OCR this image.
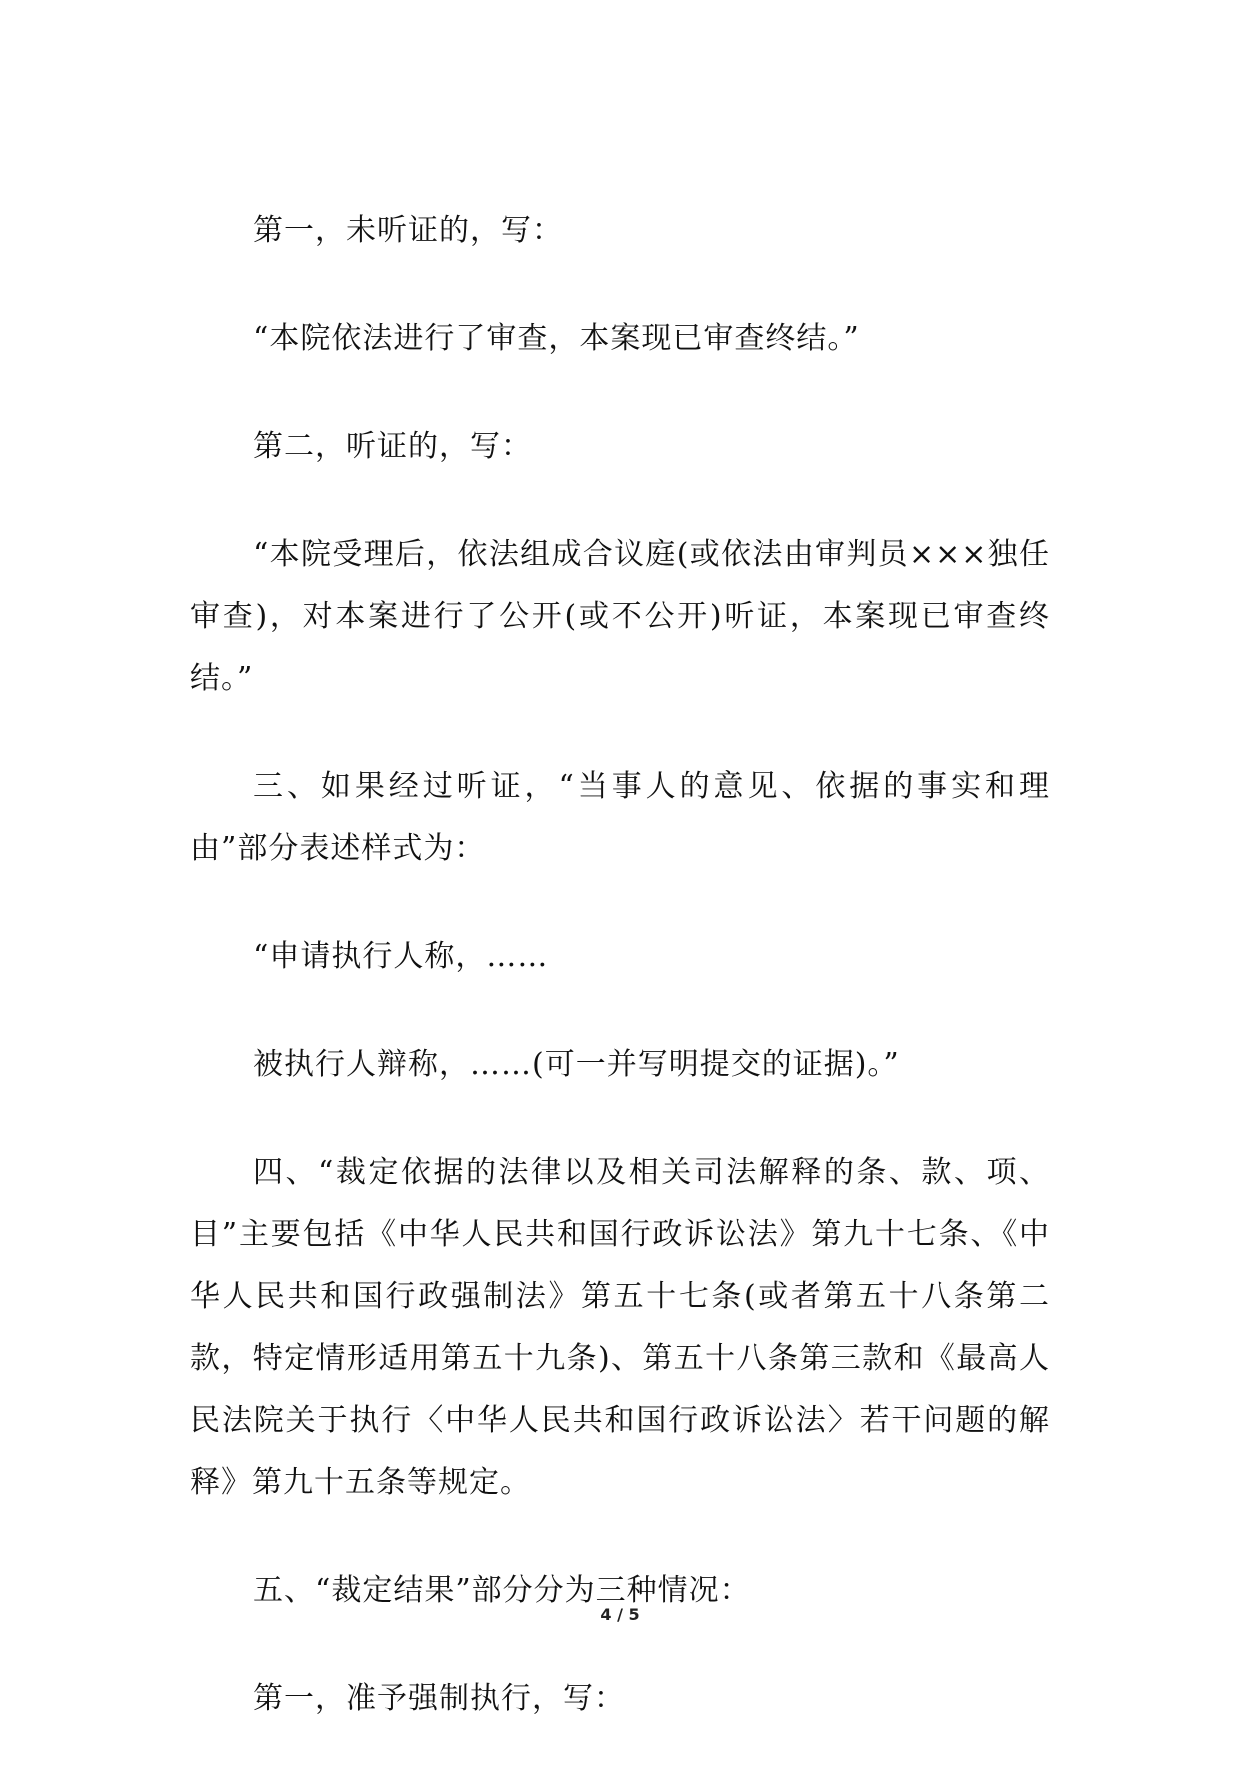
第一，未听证的，写：

“本院依法进行了审查，本案现已审查终结。”

第二，听证的，写：

“本院受理后，依法组成合议庭(或依法由审判员×××独任审查)，对本案进行了公开(或不公开)听证，本案现已审查终结。”

三、如果经过听证，“当事人的意见、依据的事实和理由”部分表述样式为：

“申请执行人称，……

被执行人辩称，……(可一并写明提交的证据)。”

四、“裁定依据的法律以及相关司法解释的条、款、项、目”主要包括《中华人民共和国行政诉讼法》第九十七条、《中华人民共和国行政强制法》第五十七条(或者第五十八条第二款，特定情形适用第五十九条)、第五十八条第三款和《最高人民法院关于执行〈中华人民共和国行政诉讼法〉若干问题的解释》第九十五条等规定。

五、“裁定结果”部分分为三种情况：

第一，准予强制执行，写：

4 / 5
